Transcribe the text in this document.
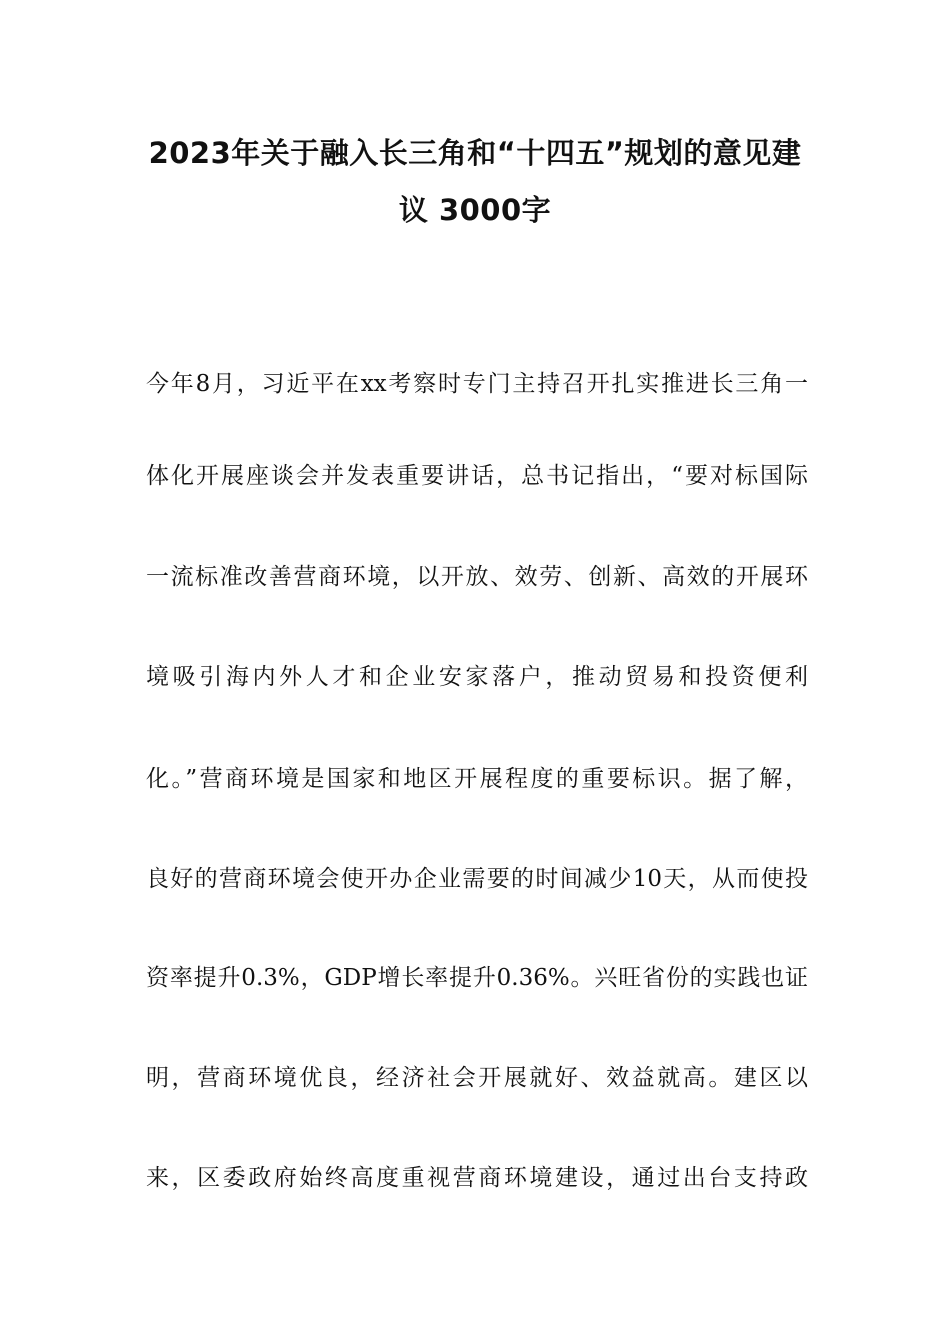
2023年关于融入长三角和“十四五”规划的意见建
议 3000字
今年8月，习近平在xx考察时专门主持召开扎实推进长三角一
体化开展座谈会并发表重要讲话，总书记指出，“要对标国际
一流标准改善营商环境，以开放、效劳、创新、高效的开展环
境吸引海内外人才和企业安家落户，推动贸易和投资便利
化。”营商环境是国家和地区开展程度的重要标识。据了解，
良好的营商环境会使开办企业需要的时间减少10天，从而使投
资率提升0.3%，GDP增长率提升0.36%。兴旺省份的实践也证
明，营商环境优良，经济社会开展就好、效益就高。建区以
来，区委政府始终高度重视营商环境建设，通过出台支持政
